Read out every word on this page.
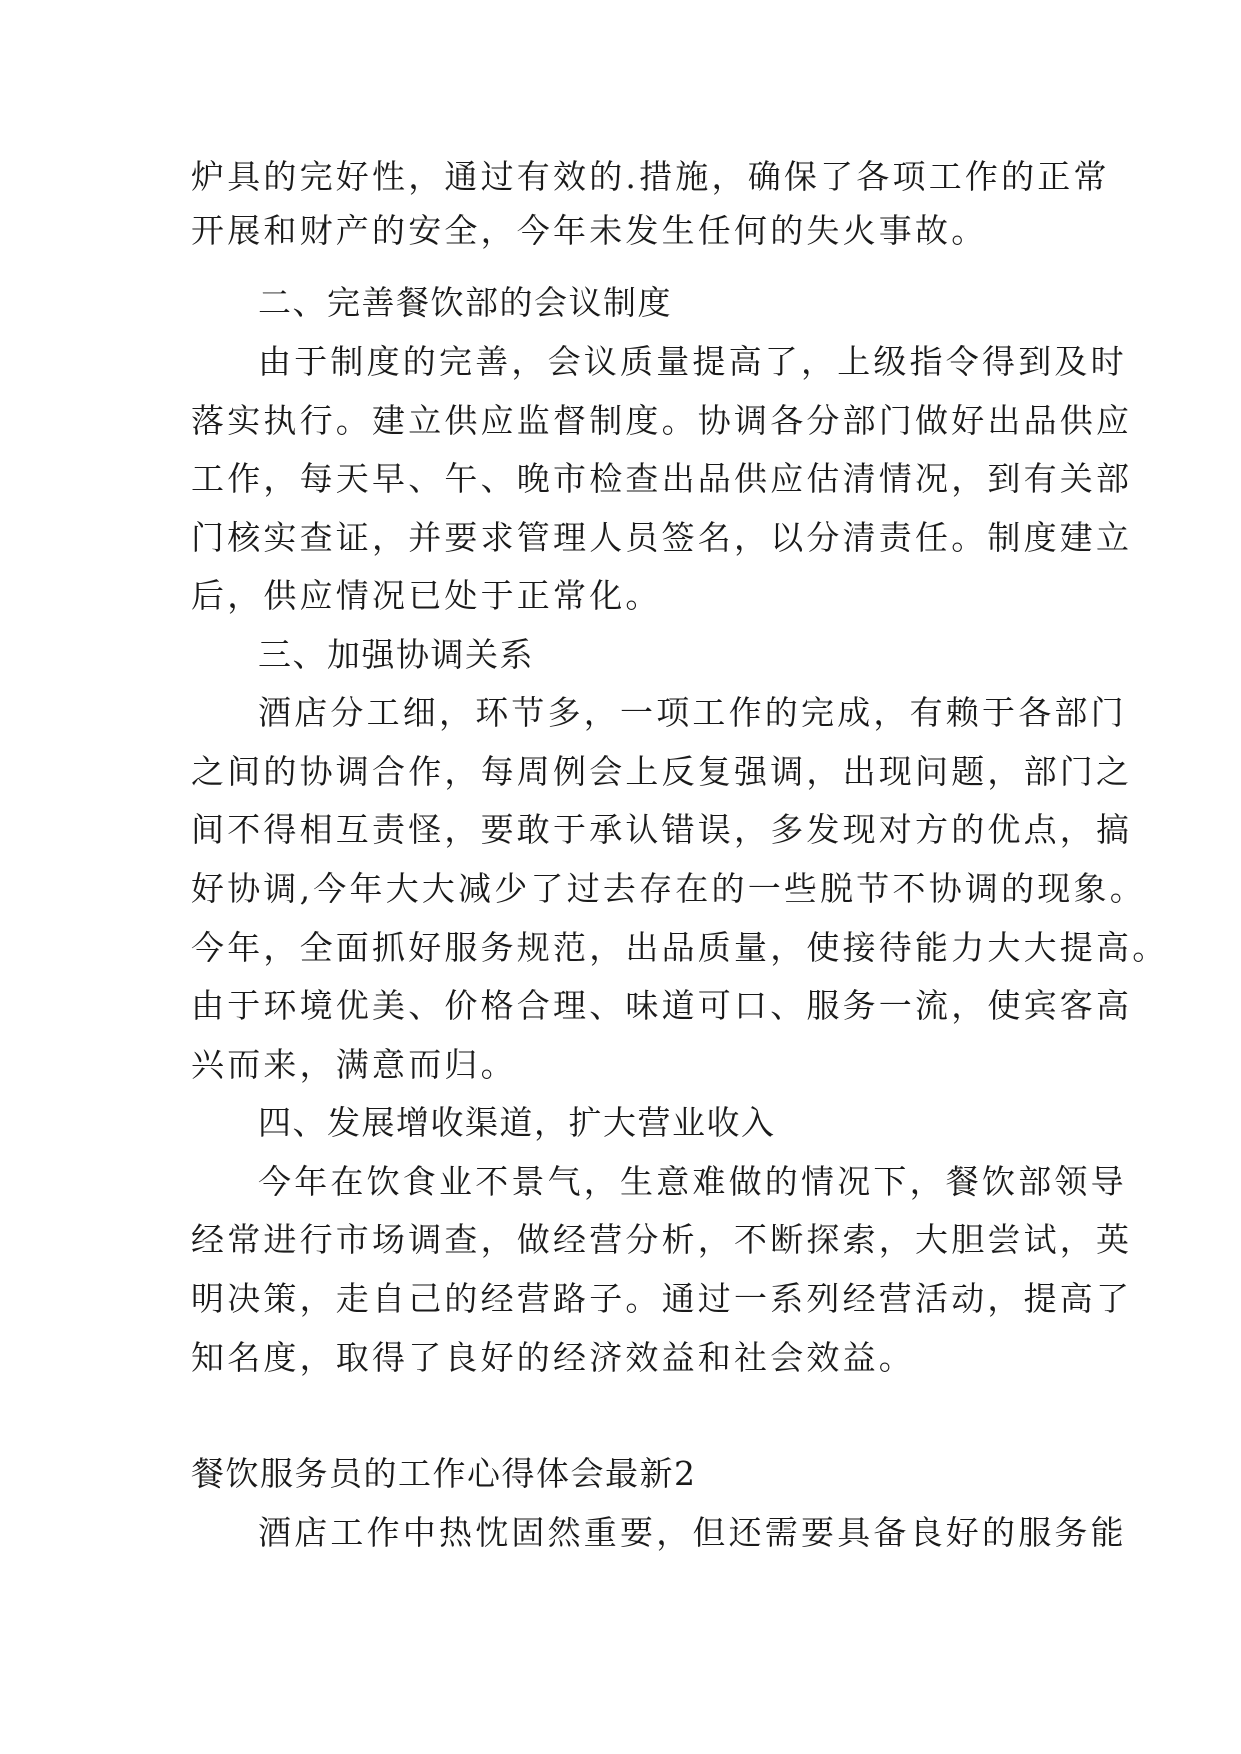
炉具的完好性，通过有效的.措施，确保了各项工作的正常
开展和财产的安全，今年未发生任何的失火事故。
二、完善餐饮部的会议制度
由于制度的完善，会议质量提高了，上级指令得到及时
落实执行。建立供应监督制度。协调各分部门做好出品供应
工作，每天早、午、晚市检查出品供应估清情况，到有关部
门核实查证，并要求管理人员签名，以分清责任。制度建立
后，供应情况已处于正常化。
三、加强协调关系
酒店分工细，环节多，一项工作的完成，有赖于各部门
之间的协调合作，每周例会上反复强调，出现问题，部门之
间不得相互责怪，要敢于承认错误，多发现对方的优点，搞
好协调,今年大大减少了过去存在的一些脱节不协调的现象。
今年，全面抓好服务规范，出品质量，使接待能力大大提高。
由于环境优美、价格合理、味道可口、服务一流，使宾客高
兴而来，满意而归。
四、发展增收渠道，扩大营业收入
今年在饮食业不景气，生意难做的情况下，餐饮部领导
经常进行市场调查，做经营分析，不断探索，大胆尝试，英
明决策，走自己的经营路子。通过一系列经营活动，提高了
知名度，取得了良好的经济效益和社会效益。
餐饮服务员的工作心得体会最新2
酒店工作中热忱固然重要，但还需要具备良好的服务能
